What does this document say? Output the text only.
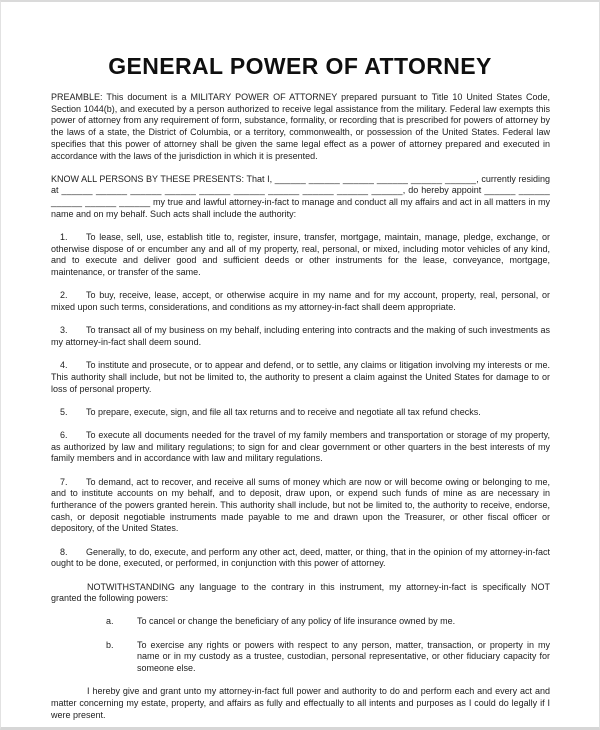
GENERAL POWER OF ATTORNEY

PREAMBLE: This document is a MILITARY POWER OF ATTORNEY prepared pursuant to Title 10 United States Code, Section 1044(b), and executed by a person authorized to receive legal assistance from the military. Federal law exempts this power of attorney from any requirement of form, substance, formality, or recording that is prescribed for powers of attorney by the laws of a state, the District of Columbia, or a territory, commonwealth, or possession of the United States. Federal law specifies that this power of attorney shall be given the same legal effect as a power of attorney prepared and executed in accordance with the laws of the jurisdiction in which it is presented.

KNOW ALL PERSONS BY THESE PRESENTS: That I, ______ ______ ______ ______ ______ ______, currently residing at ______ ______ ______ ______ ______ ______ ______ ______ ______ ______, do hereby appoint ______ ______ ______ ______ ______ my true and lawful attorney-in-fact to manage and conduct all my affairs and act in all matters in my name and on my behalf. Such acts shall include the authority:

1. To lease, sell, use, establish title to, register, insure, transfer, mortgage, maintain, manage, pledge, exchange, or otherwise dispose of or encumber any and all of my property, real, personal, or mixed, including motor vehicles of any kind, and to execute and deliver good and sufficient deeds or other instruments for the lease, conveyance, mortgage, maintenance, or transfer of the same.

2. To buy, receive, lease, accept, or otherwise acquire in my name and for my account, property, real, personal, or mixed upon such terms, considerations, and conditions as my attorney-in-fact shall deem appropriate.

3. To transact all of my business on my behalf, including entering into contracts and the making of such investments as my attorney-in-fact shall deem sound.

4. To institute and prosecute, or to appear and defend, or to settle, any claims or litigation involving my interests or me. This authority shall include, but not be limited to, the authority to present a claim against the United States for damage to or loss of personal property.

5. To prepare, execute, sign, and file all tax returns and to receive and negotiate all tax refund checks.

6. To execute all documents needed for the travel of my family members and transportation or storage of my property, as authorized by law and military regulations; to sign for and clear government or other quarters in the best interests of my family members and in accordance with law and military regulations.

7. To demand, act to recover, and receive all sums of money which are now or will become owing or belonging to me, and to institute accounts on my behalf, and to deposit, draw upon, or expend such funds of mine as are necessary in furtherance of the powers granted herein. This authority shall include, but not be limited to, the authority to receive, endorse, cash, or deposit negotiable instruments made payable to me and drawn upon the Treasurer, or other fiscal officer or depository, of the United States.

8. Generally, to do, execute, and perform any other act, deed, matter, or thing, that in the opinion of my attorney-in-fact ought to be done, executed, or performed, in conjunction with this power of attorney.

NOTWITHSTANDING any language to the contrary in this instrument, my attorney-in-fact is specifically NOT granted the following powers:

a.	To cancel or change the beneficiary of any policy of life insurance owned by me.

b.	To exercise any rights or powers with respect to any person, matter, transaction, or property in my name or in my custody as a trustee, custodian, personal representative, or other fiduciary capacity for someone else.

I hereby give and grant unto my attorney-in-fact full power and authority to do and perform each and every act and matter concerning my estate, property, and affairs as fully and effectually to all intents and purposes as I could do legally if I were present.
